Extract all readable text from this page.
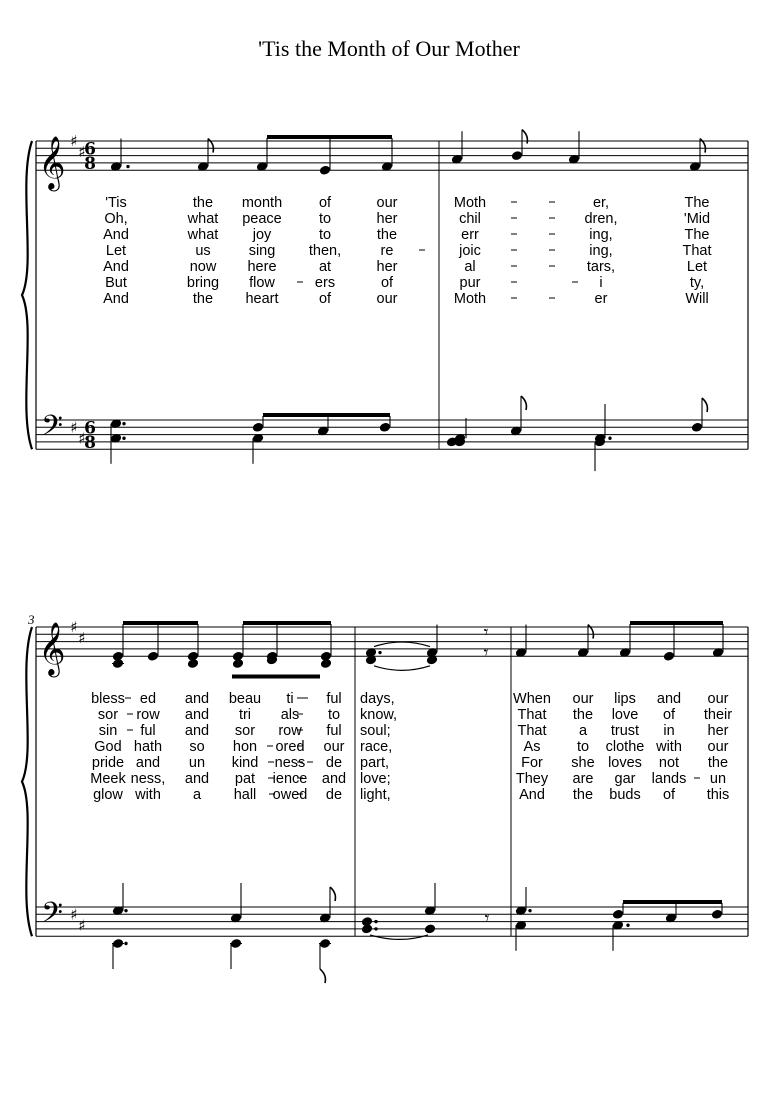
'Tis the Month of Our Mother
3
𝄞
𝄢
♯
♯
♯
♯
6
8
6
8
𝄞
𝄢
♯
♯
♯
♯
𝄾
𝄾
𝄾
'Tis	the month	of	our
Oh,	what peace	to	her
And	what joy	to	the
Let	us	sing then,	re
And	now here	at	her
But	bring flow	ers	of
And	the heart	of	our
Moth	er,	The
chil	dren,	'Mid
err	ing,	The
joic	ing,	That
al	tars,	Let
pur	i	ty,
Moth	er	Will
bless ed and beau ti ful
sor row and tri als to
sin ful and sor row ful
God hath so hon ored our
pride and un kind ness de
Meek ness, and pat ience and
glow with a hall owed de
days,
know,
soul;
race,
part,
love;
light,
When our lips and our
That the love of their
That a trust in her
As	to clothe with our
For she loves not the
They are gar lands un
And the buds of this
